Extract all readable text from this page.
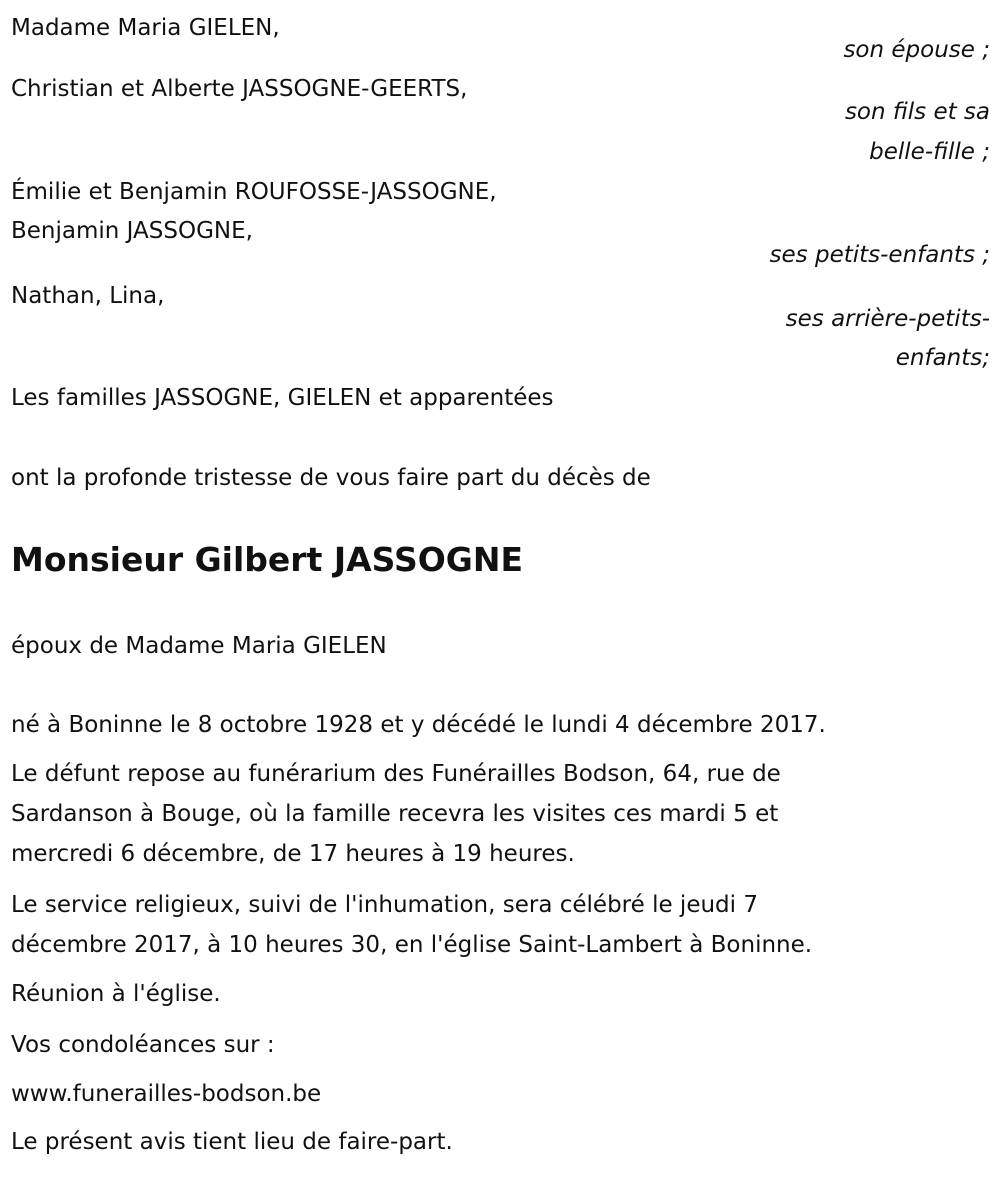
Madame Maria GIELEN,
son épouse ;
Christian et Alberte JASSOGNE-GEERTS,
son fils et sa
belle-fille ;
Émilie et Benjamin ROUFOSSE-JASSOGNE,
Benjamin JASSOGNE,
ses petits-enfants ;
Nathan, Lina,
ses arrière-petits-
enfants;
Les familles JASSOGNE, GIELEN et apparentées
ont la profonde tristesse de vous faire part du décès de
Monsieur Gilbert JASSOGNE
époux de Madame Maria GIELEN
né à Boninne le 8 octobre 1928 et y décédé le lundi 4 décembre 2017.
Le défunt repose au funérarium des Funérailles Bodson, 64, rue de
Sardanson à Bouge, où la famille recevra les visites ces mardi 5 et
mercredi 6 décembre, de 17 heures à 19 heures.
Le service religieux, suivi de l'inhumation, sera célébré le jeudi 7
décembre 2017, à 10 heures 30, en l'église Saint-Lambert à Boninne.
Réunion à l'église.
Vos condoléances sur :
www.funerailles-bodson.be
Le présent avis tient lieu de faire-part.
